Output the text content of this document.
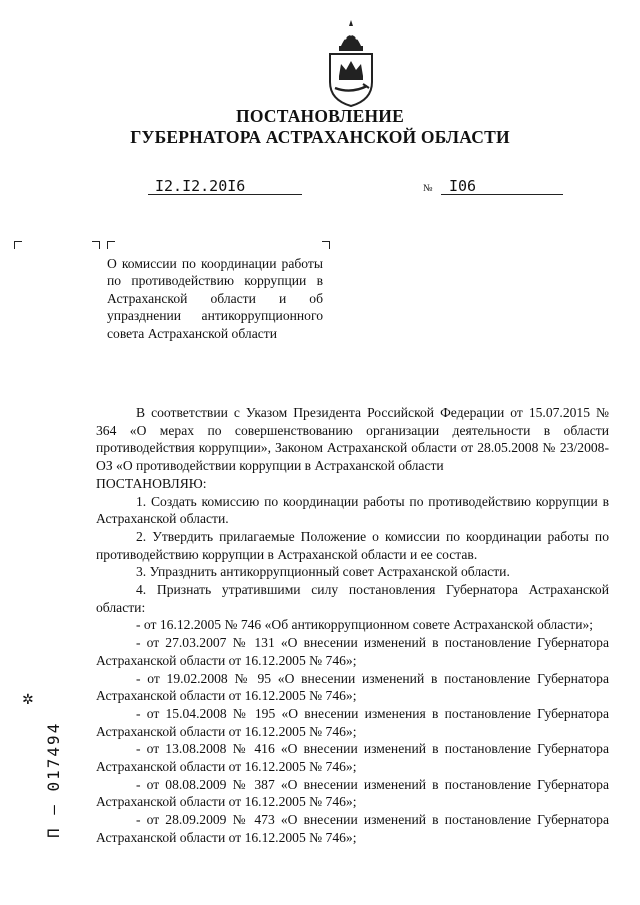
ПОСТАНОВЛЕНИЕ
ГУБЕРНАТОРА АСТРАХАНСКОЙ ОБЛАСТИ
I2.I2.20I6	№	I06
О комиссии по координации работы по противодействию коррупции в Астраханской области и об упразднении антикоррупционного совета Астраханской области

В соответствии с Указом Президента Российской Федерации от 15.07.2015 № 364 «О мерах по совершенствованию организации деятельности в области противодействия коррупции», Законом Астраханской области от 28.05.2008 № 23/2008-ОЗ «О противодействии коррупции в Астраханской области

ПОСТАНОВЛЯЮ:

1. Создать комиссию по координации работы по противодействию коррупции в Астраханской области.

2. Утвердить прилагаемые Положение о комиссии по координации работы по противодействию коррупции в Астраханской области и ее состав.

3. Упразднить антикоррупционный совет Астраханской области.

4. Признать утратившими силу постановления Губернатора Астраханской области:

- от 16.12.2005 № 746 «Об антикоррупционном совете Астраханской области»;

- от 27.03.2007 № 131 «О внесении изменений в постановление Губернатора Астраханской области от 16.12.2005 № 746»;

- от 19.02.2008 № 95 «О внесении изменений в постановление Губернатора Астраханской области от 16.12.2005 № 746»;

- от 15.04.2008 № 195 «О внесении изменения в постановление Губернатора Астраханской области от 16.12.2005 № 746»;

- от 13.08.2008 № 416 «О внесении изменений в постановление Губернатора Астраханской области от 16.12.2005 № 746»;

- от 08.08.2009 № 387 «О внесении изменений в постановление Губернатора Астраханской области от 16.12.2005 № 746»;

- от 28.09.2009 № 473 «О внесении изменений в постановление Губернатора Астраханской области от 16.12.2005 № 746»;

✲
П – 017494
